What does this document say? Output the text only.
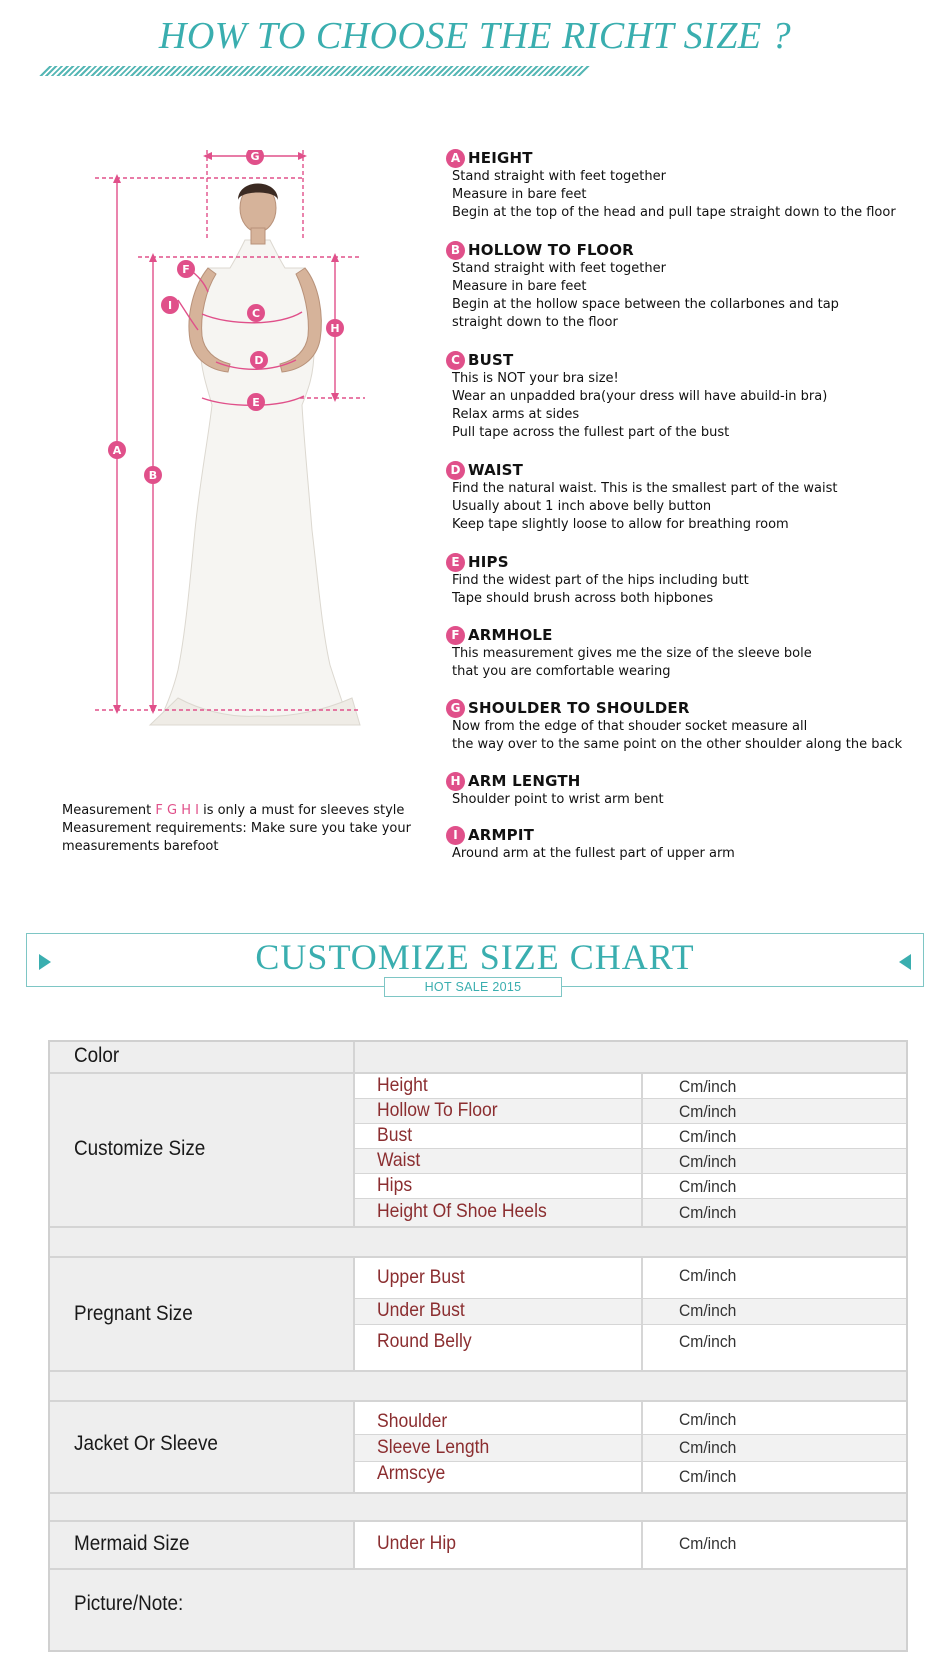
HOW TO CHOOSE THE RICHT SIZE ?
A
B
C
D
E
F
G
H
I
Measurement F G H I is only a must for sleeves style
Measurement requirements: Make sure you take your
measurements barefoot
A HEIGHT
Stand straight with feet together
Measure in bare feet
Begin at the top of the head and pull tape straight down to the floor
B HOLLOW TO FLOOR
Stand straight with feet together
Measure in bare feet
Begin at the hollow space between the collarbones and tap
straight down to the floor
C BUST
This is NOT your bra size!
Wear an unpadded bra(your dress will have abuild-in bra)
Relax arms at sides
Pull tape across the fullest part of the bust
D WAIST
Find the natural waist. This is the smallest part of the waist
Usually about 1 inch above belly button
Keep tape slightly loose to allow for breathing room
E HIPS
Find the widest part of the hips including butt
Tape should brush across both hipbones
F ARMHOLE
This measurement gives me the size of the sleeve bole
that you are comfortable wearing
G SHOULDER TO SHOULDER
Now from the edge of that shouder socket measure all
the way over to the same point on the other shoulder along the back
H ARM LENGTH
Shoulder point to wrist arm bent
I ARMPIT
Around arm at the fullest part of upper arm
CUSTOMIZE SIZE CHART
HOT SALE 2015
Color
Customize Size
Height	Cm/inch
Hollow To Floor	Cm/inch
Bust	Cm/inch
Waist	Cm/inch
Hips	Cm/inch
Height Of Shoe Heels	Cm/inch
Pregnant Size
Upper Bust	Cm/inch
Under Bust	Cm/inch
Round Belly	Cm/inch
Jacket Or Sleeve
Shoulder	Cm/inch
Sleeve Length	Cm/inch
Armscye	Cm/inch
Mermaid Size	Under Hip	Cm/inch
Picture/Note:
